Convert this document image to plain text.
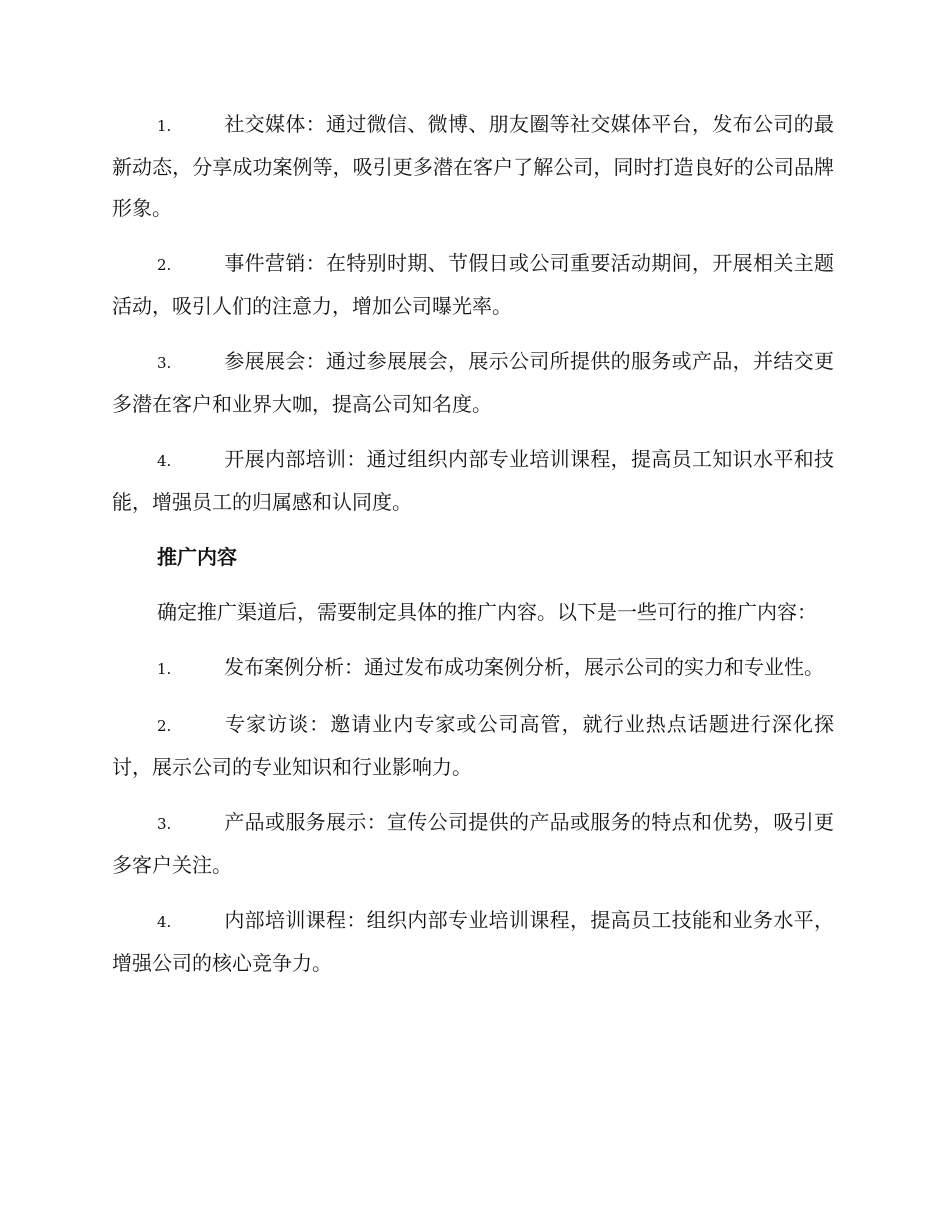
1.	社交媒体：通过微信、微博、朋友圈等社交媒体平台，发布公司的最新动态，分享成功案例等，吸引更多潜在客户了解公司，同时打造良好的公司品牌形象。

2.	事件营销：在特别时期、节假日或公司重要活动期间，开展相关主题活动，吸引人们的注意力，增加公司曝光率。

3.	参展展会：通过参展展会，展示公司所提供的服务或产品，并结交更多潜在客户和业界大咖，提高公司知名度。

4.	开展内部培训：通过组织内部专业培训课程，提高员工知识水平和技能，增强员工的归属感和认同度。

推广内容

确定推广渠道后，需要制定具体的推广内容。以下是一些可行的推广内容：

1.	发布案例分析：通过发布成功案例分析，展示公司的实力和专业性。

2.	专家访谈：邀请业内专家或公司高管，就行业热点话题进行深化探讨，展示公司的专业知识和行业影响力。

3.	产品或服务展示：宣传公司提供的产品或服务的特点和优势，吸引更多客户关注。

4.	内部培训课程：组织内部专业培训课程，提高员工技能和业务水平，增强公司的核心竞争力。
